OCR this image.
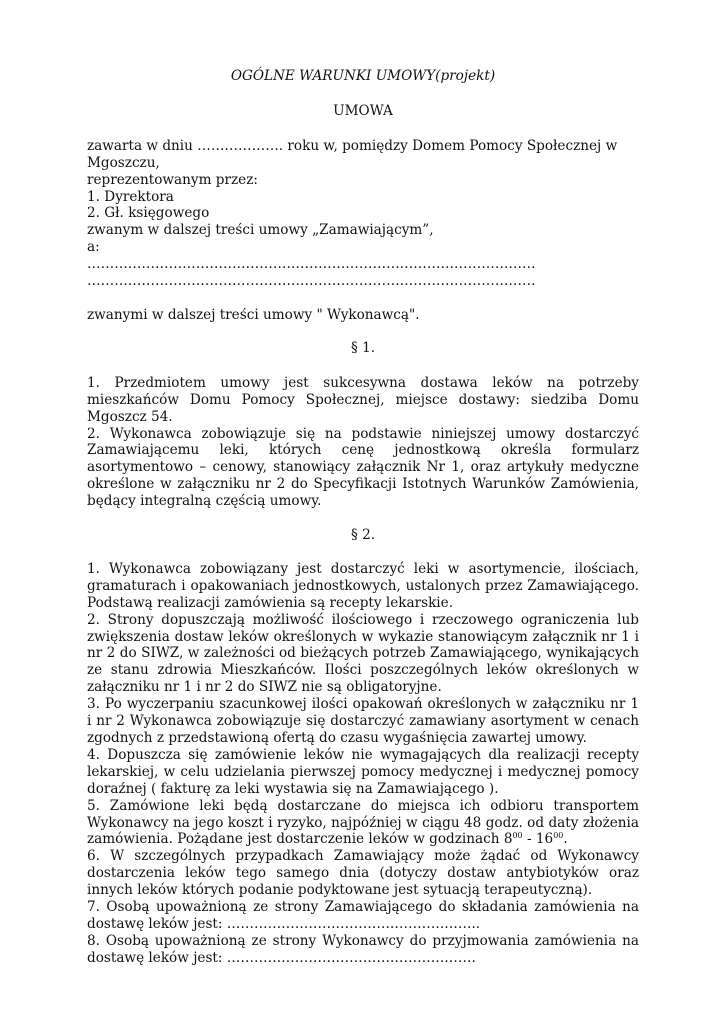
OGÓLNE WARUNKI UMOWY(projekt)

UMOWA

zawarta w dniu ………………. roku w, pomiędzy Domem Pomocy Społecznej w Mgoszczu,

reprezentowanym przez:

1. Dyrektora

2. Gł. księgowego

zwanym w dalszej treści umowy „Zamawiającym”,

a:

………………………………………………………………………………………

………………………………………………………………………………………

zwanymi w dalszej treści umowy " Wykonawcą".

§ 1.

1. Przedmiotem umowy jest sukcesywna dostawa leków na potrzeby mieszkańców Domu Pomocy Społecznej, miejsce dostawy: siedziba Domu Mgoszcz 54.

2. Wykonawca zobowiązuje się na podstawie niniejszej umowy dostarczyć Zamawiającemu leki, których cenę jednostkową określa formularz asortymentowo – cenowy, stanowiący załącznik Nr 1, oraz artykuły medyczne określone w załączniku nr 2 do Specyfikacji Istotnych Warunków Zamówienia, będący integralną częścią umowy.

§ 2.

1. Wykonawca zobowiązany jest dostarczyć leki w asortymencie, ilościach, gramaturach i opakowaniach jednostkowych, ustalonych przez Zamawiającego. Podstawą realizacji zamówienia są recepty lekarskie.

2. Strony dopuszczają możliwość ilościowego i rzeczowego ograniczenia lub zwiększenia dostaw leków określonych w wykazie stanowiącym załącznik nr 1 i nr 2 do SIWZ, w zależności od bieżących potrzeb Zamawiającego, wynikających ze stanu zdrowia Mieszkańców. Ilości poszczególnych leków określonych w załączniku nr 1 i nr 2 do SIWZ nie są obligatoryjne.

3. Po wyczerpaniu szacunkowej ilości opakowań określonych w załączniku nr 1 i nr 2 Wykonawca zobowiązuje się dostarczyć zamawiany asortyment w cenach zgodnych z przedstawioną ofertą do czasu wygaśnięcia zawartej umowy.

4. Dopuszcza się zamówienie leków nie wymagających dla realizacji recepty lekarskiej, w celu udzielania pierwszej pomocy medycznej i medycznej pomocy doraźnej ( fakturę za leki wystawia się na Zamawiającego ).

5. Zamówione leki będą dostarczane do miejsca ich odbioru transportem Wykonawcy na jego koszt i ryzyko, najpóźniej w ciągu 48 godz. od daty złożenia zamówienia. Pożądane jest dostarczenie leków w godzinach $8^{00} - 16^{00}$.

6. W szczególnych przypadkach Zamawiający może żądać od Wykonawcy dostarczenia leków tego samego dnia (dotyczy dostaw antybiotyków oraz innych leków których podanie podyktowane jest sytuacją terapeutyczną).

7. Osobą upoważnioną ze strony Zamawiającego do składania zamówienia na dostawę leków jest: ………………………………………………..

8. Osobą upoważnioną ze strony Wykonawcy do przyjmowania zamówienia na dostawę leków jest: ……………………………………………….
